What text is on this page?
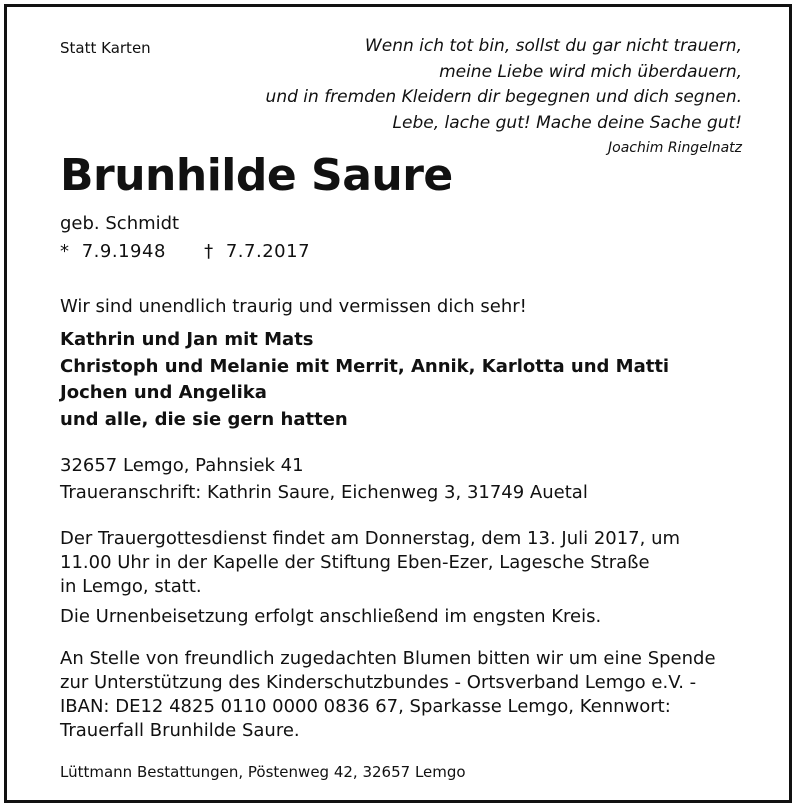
Statt Karten	Wenn ich tot bin, sollst du gar nicht trauern,
meine Liebe wird mich überdauern,
und in fremden Kleidern dir begegnen und dich segnen.
Lebe, lache gut! Mache deine Sache gut!
Joachim Ringelnatz
Brunhilde Saure
geb. Schmidt
* 7.9.1948 † 7.7.2017
Wir sind unendlich traurig und vermissen dich sehr!
Kathrin und Jan mit Mats
Christoph und Melanie mit Merrit, Annik, Karlotta und Matti
Jochen und Angelika
und alle, die sie gern hatten
32657 Lemgo, Pahnsiek 41
Traueranschrift: Kathrin Saure, Eichenweg 3, 31749 Auetal
Der Trauergottesdienst findet am Donnerstag, dem 13. Juli 2017, um
11.00 Uhr in der Kapelle der Stiftung Eben-Ezer, Lagesche Straße
in Lemgo, statt.
Die Urnenbeisetzung erfolgt anschließend im engsten Kreis.
An Stelle von freundlich zugedachten Blumen bitten wir um eine Spende
zur Unterstützung des Kinderschutzbundes - Ortsverband Lemgo e.V. -
IBAN: DE12 4825 0110 0000 0836 67, Sparkasse Lemgo, Kennwort:
Trauerfall Brunhilde Saure.
Lüttmann Bestattungen, Pöstenweg 42, 32657 Lemgo
